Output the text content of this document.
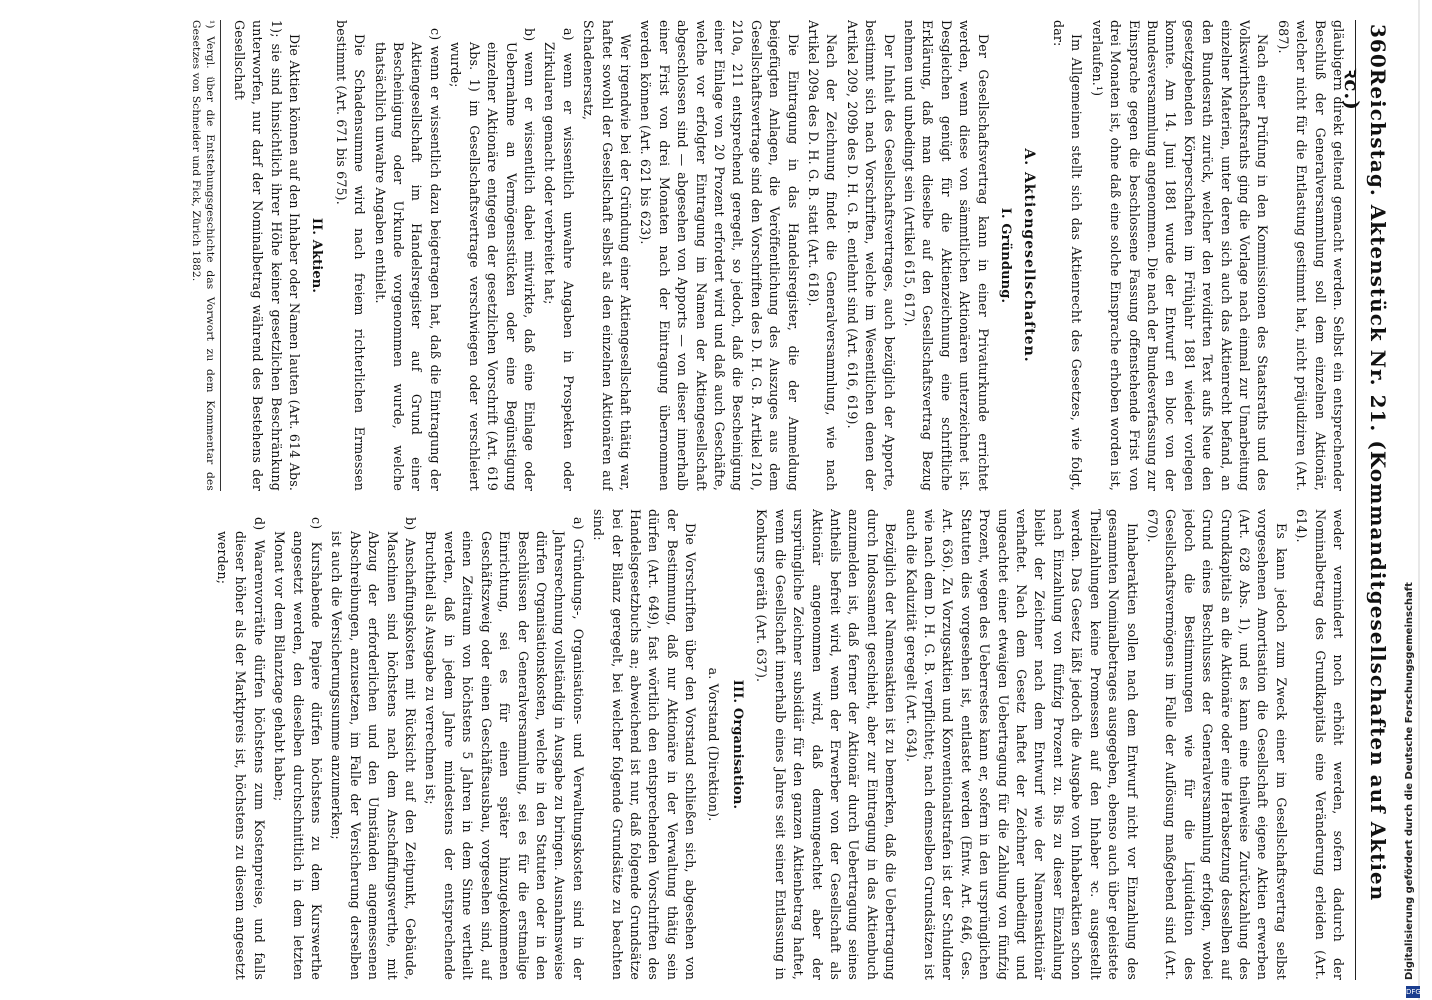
360
Reichstag. Aktenstück Nr. 21. (Kommanditgesellschaften auf Aktien ꝛc.)

gläubigern direkt geltend gemacht werden. Selbst ein entsprechender Beschluß der Generalversammlung soll dem einzelnen Aktionär, welcher nicht für die Entlastung gestimmt hat, nicht präjudiziren (Art. 687).

Nach einer Prüfung in den Kommissionen des Staatsraths und des Volkswirthschaftsraths ging die Vorlage nach einmal zur Umarbeitung einzelner Materien, unter deren sich auch das Aktienrecht befand, an den Bundesrath zurück, welcher den revidirten Text aufs Neue den gesetzgebenden Körperschaften im Frühjahr 1881 wieder vorlegen konnte. Am 14. Juni 1881 wurde der Entwurf en bloc von der Bundesversammlung angenommen. Die nach der Bundesverfassung zur Einsprache gegen die beschlossene Fassung offenstehende Frist von drei Monaten ist, ohne daß eine solche Einsprache erhoben worden ist, verlaufen.¹)

Im Allgemeinen stellt sich das Aktienrecht des Gesetzes, wie folgt, dar:

A. Aktiengesellschaften.
I. Gründung.

Der Gesellschaftsvertrag kann in einer Privaturkunde errichtet werden, wenn diese von sämmtlichen Aktionären unterzeichnet ist. Desgleichen genügt für die Aktienzeichnung eine schriftliche Erklärung, daß man dieselbe auf den Gesellschaftsvertrag Bezug nehmen und unbedingt sein (Artikel 615, 617).

Der Inhalt des Gesellschaftsvertrages, auch bezüglich der Apporte, bestimmt sich nach Vorschriften, welche im Wesentlichen denen der Artikel 209, 209b des D. H. G. B. entlehnt sind (Art. 616, 619).

Nach der Zeichnung findet die Generalversammlung, wie nach Artikel 209a des D. H. G. B. statt (Art. 618).

Die Eintragung in das Handelsregister, die der Anmeldung beigefügten Anlagen, die Veröffentlichung des Auszuges aus dem Gesellschaftsvertrage sind den Vorschriften des D. H. G. B. Artikel 210, 210a, 211 entsprechend geregelt, so jedoch, daß die Bescheinigung einer Einlage von 20 Prozent erfordert wird und daß auch Geschäfte, welche vor erfolgter Eintragung im Namen der Aktiengesellschaft abgeschlossen sind — abgesehen von Apports — von dieser innerhalb einer Frist von drei Monaten nach der Eintragung übernommen werden können (Art. 621 bis 623).

Wer irgendwie bei der Gründung einer Aktiengesellschaft thätig war, haftet sowohl der Gesellschaft selbst als den einzelnen Aktionären auf Schadenersatz,

a) wenn er wissentlich unwahre Angaben in Prospekten oder Zirkularen gemacht oder verbreitet hat;

b) wenn er wissentlich dabei mitwirkte, daß eine Einlage oder Uebernahme an Vermögensstücken oder eine Begünstigung einzelner Aktionäre entgegen der gesetzlichen Vorschrift (Art. 619 Abs. 1) im Gesellschaftsvertrage verschwiegen oder verschleiert wurde;

c) wenn er wissentlich dazu beigetragen hat, daß die Eintragung der Aktiengesellschaft im Handelsregister auf Grund einer Bescheinigung oder Urkunde vorgenommen wurde, welche thatsächlich unwahre Angaben enthielt.

Die Schadensumme wird nach freiem richterlichen Ermessen bestimmt (Art. 671 bis 675).

II. Aktien.

Die Aktien können auf den Inhaber oder Namen lauten (Art. 614 Abs. 1); sie sind hinsichtlich ihrer Höhe keiner gesetzlichen Beschränkung unterworfen, nur darf der Nominalbetrag während des Bestehens der Gesellschaft

¹) Vergl. über die Entstehungsgeschichte das Vorwort zu dem Kommentar des Gesetzes von Schneider und Fick, Zürich 1882.

weder vermindert noch erhöht werden, sofern dadurch der Nominalbetrag des Grundkapitals eine Veränderung erleiden (Art. 614).

Es kann jedoch zum Zweck einer im Gesellschaftsvertrag selbst vorgesehenen Amortisation die Gesellschaft eigene Aktien erwerben (Art. 628 Abs. 1), und es kann eine theilweise Zurückzahlung des Grundkapitals an die Aktionäre oder eine Herabsetzung desselben auf Grund eines Beschlusses der Generalversammlung erfolgen, wobei jedoch die Bestimmungen wie für die Liquidation des Gesellschaftsvermögens im Falle der Auflösung maßgebend sind (Art. 670).

Inhaberaktien sollen nach dem Entwurf nicht vor Einzahlung des gesammten Nominalbetrages ausgegeben, ebenso auch über geleistete Theilzahlungen keine Promessen auf den Inhaber ꝛc. ausgestellt werden. Das Gesetz läßt jedoch die Ausgabe von Inhaberaktien schon nach Einzahlung von fünfzig Prozent zu. Bis zu dieser Einzahlung bleibt der Zeichner nach dem Entwurf wie der Namensaktionär verhaftet. Nach dem Gesetz haftet der Zeichner unbedingt und ungeachtet einer etwaigen Uebertragung für die Zahlung von fünfzig Prozent, wegen des Ueberrestes kann er, sofern in den ursprünglichen Statuten dies vorgesehen ist, entlastet werden (Entw. Art. 646, Ges. Art. 636). Zu Vorzugsaktien und Konventionalstrafen ist der Schuldner wie nach dem D. H. G. B. verpflichtet; nach demselben Grundsätzen ist auch die Kaduzität geregelt (Art. 634).

Bezüglich der Namensaktien ist zu bemerken, daß die Uebertragung durch Indossament geschieht, aber zur Eintragung in das Aktienbuch anzumelden ist, daß ferner der Aktionär durch Uebertragung seines Antheils befreit wird, wenn der Erwerber von der Gesellschaft als Aktionär angenommen wird, daß demungeachtet aber der ursprüngliche Zeichner subsidiär für den ganzen Aktienbetrag haftet, wenn die Gesellschaft innerhalb eines Jahres seit seiner Entlassung in Konkurs geräth (Art. 637).

III. Organisation.
a. Vorstand (Direktion).

Die Vorschriften über den Vorstand schließen sich, abgesehen von der Bestimmung, daß nur Aktionäre in der Verwaltung thätig sein dürfen (Art. 649), fast wörtlich den entsprechenden Vorschriften des Handelsgesetzbuchs an; abweichend ist nur, daß folgende Grundsätze bei der Bilanz geregelt, bei welcher folgende Grundsätze zu beachten sind:

a) Gründungs-, Organisations- und Verwaltungskosten sind in der Jahresrechnung vollständig in Ausgabe zu bringen. Ausnahmsweise dürfen Organisationskosten, welche in den Statuten oder in den Beschlüssen der Generalversammlung, sei es für die erstmalige Einrichtung, sei es für einen später hinzugekommenen Geschäftszweig oder einen Geschäftsausbau, vorgesehen sind, auf einen Zeitraum von höchstens 5 Jahren in dem Sinne vertheilt werden, daß in jedem Jahre mindestens der entsprechende Bruchtheil als Ausgabe zu verrechnen ist;

b) Anschaffungskosten mit Rücksicht auf den Zeitpunkt, Gebäude, Maschinen sind höchstens nach dem Anschaffungswerthe, mit Abzug der erforderlichen und den Umständen angemessenen Abschreibungen, anzusetzen, im Falle der Versicherung derselben ist auch die Versicherungssumme anzumerken;

c) Kurshabende Papiere dürfen höchstens zu dem Kurswerthe angesetzt werden, den dieselben durchschnittlich in dem letzten Monat vor dem Bilanztage gehabt haben;

d) Waarenvorräthe dürfen höchstens zum Kostenpreise, und falls dieser höher als der Marktpreis ist, höchstens zu diesem angesetzt werden;

Digitalisierung gefördert durch die Deutsche Forschungsgemeinschaft
DFG
